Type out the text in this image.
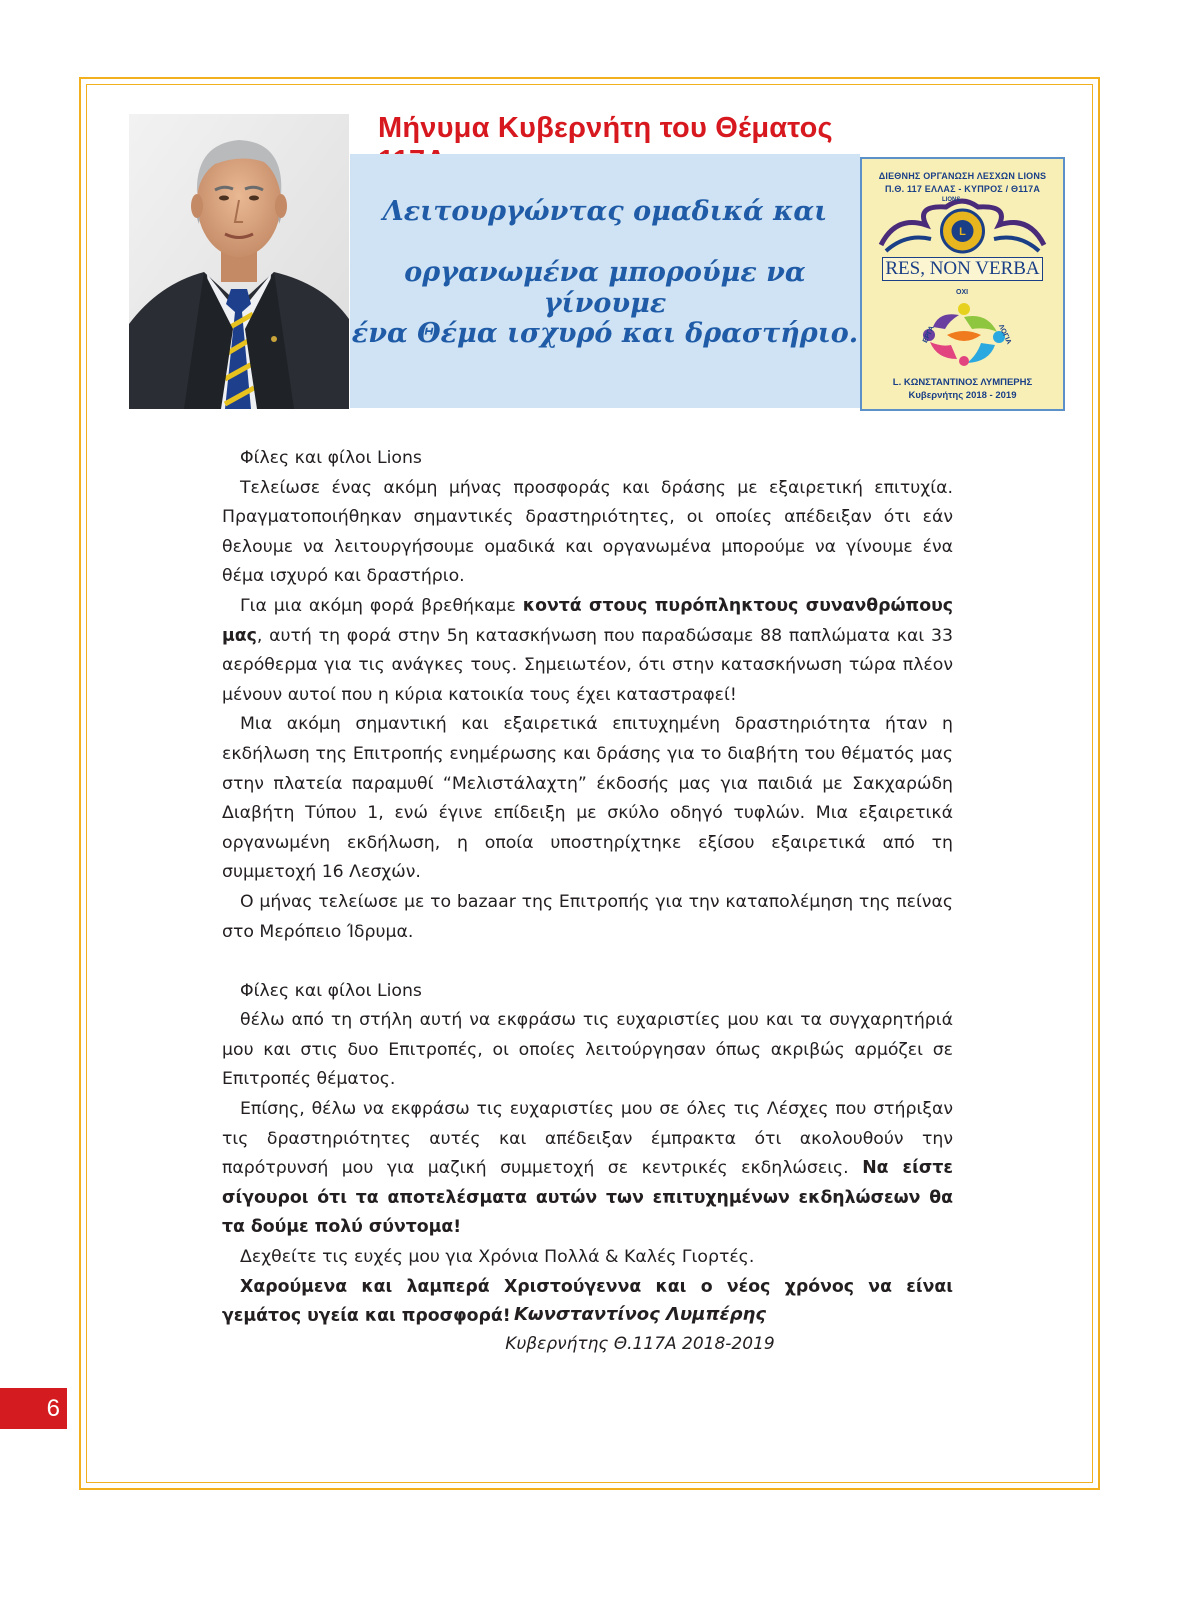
Μήνυμα Κυβερνήτη του Θέματος
Λειτουργώντας ομαδικά και
οργανωμένα μπορούμε να γίνουμε
ένα Θέμα ισχυρό και δραστήριο.
ΔΙΕΘΝΗΣ ΟΡΓΑΝΩΣΗ ΛΕΣΧΩΝ LIONS
Π.Θ. 117 ΕΛΛΑΣ - ΚΥΠΡΟΣ / Θ117Α
L
LIONS
RES, NON VERBA
ΟΧΙ
ΕΡΓΑ	ΛΟΓΙΑ
L. ΚΩΝΣΤΑΝΤΙΝΟΣ ΛΥΜΠΕΡΗΣ
Κυβερνήτης 2018 - 2019

Φίλες και φίλοι Lions

Τελείωσε ένας ακόμη μήνας προσφοράς και δράσης με εξαιρετική επιτυχία. Πραγματοποιήθηκαν σημαντικές δραστηριότητες, οι οποίες απέδειξαν ότι εάν θελουμε να λειτουργήσουμε ομαδικά και οργανωμένα μπορούμε να γίνουμε ένα θέμα ισχυρό και δραστήριο.

Για μια ακόμη φορά βρεθήκαμε κοντά στους πυρόπληκτους συνανθρώπους μας, αυτή τη φορά στην 5η κατασκήνωση που παραδώσαμε 88 παπλώματα και 33 αερόθερμα για τις ανάγκες τους. Σημειωτέον, ότι στην κατασκήνωση τώρα πλέον μένουν αυτοί που η κύρια κατοικία τους έχει καταστραφεί!

Μια ακόμη σημαντική και εξαιρετικά επιτυχημένη δραστηριότητα ήταν η εκδήλωση της Επιτροπής ενημέρωσης και δράσης για το διαβήτη του θέματός μας στην πλατεία παραμυθί “Μελιστάλαχτη” έκδοσής μας για παιδιά με Σακχαρώδη Διαβήτη Τύπου 1, ενώ έγινε επίδειξη με σκύλο οδηγό τυφλών. Μια εξαιρετικά οργανωμένη εκδήλωση, η οποία υποστηρίχτηκε εξίσου εξαιρετικά από τη συμμετοχή 16 Λεσχών.

Ο μήνας τελείωσε με το bazaar της Επιτροπής για την καταπολέμηση της πείνας στο Μερόπειο Ίδρυμα.

Φίλες και φίλοι Lions

θέλω από τη στήλη αυτή να εκφράσω τις ευχαριστίες μου και τα συγχαρητήριά μου και στις δυο Επιτροπές, οι οποίες λειτούργησαν όπως ακριβώς αρμόζει σε Επιτροπές θέματος.

Επίσης, θέλω να εκφράσω τις ευχαριστίες μου σε όλες τις Λέσχες που στήριξαν τις δραστηριότητες αυτές και απέδειξαν έμπρακτα ότι ακολουθούν την παρότρυνσή μου για μαζική συμμετοχή σε κεντρικές εκδηλώσεις. Να είστε σίγουροι ότι τα αποτελέσματα αυτών των επιτυχημένων εκδηλώσεων θα τα δούμε πολύ σύντομα!

Δεχθείτε τις ευχές μου για Χρόνια Πολλά & Καλές Γιορτές.

Χαρούμενα και λαμπερά Χριστούγεννα και ο νέος χρόνος να είναι γεμάτος υγεία και προσφορά! Κωνσταντίνος Λυμπέρης
Κυβερνήτης Θ.117Α 2018-2019
6
